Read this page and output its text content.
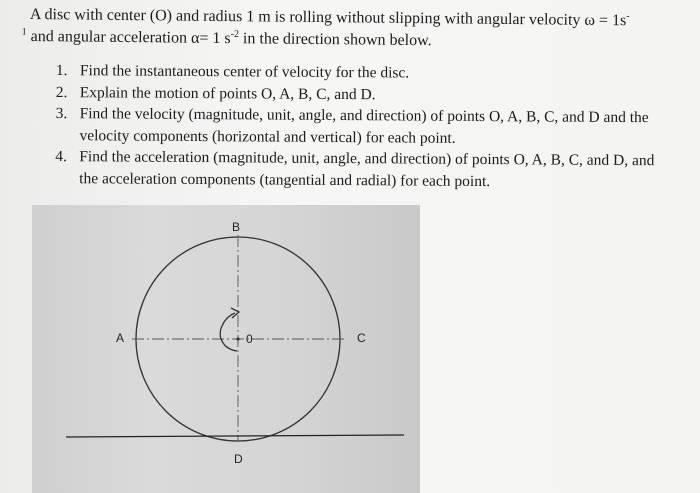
A disc with center (O) and radius 1 m is rolling without slipping with angular velocity ω = 1s-
$^1$ and angular acceleration α= 1 $s^{-2}$ in the direction shown below.
1. Find the instantaneous center of velocity for the disc.
2. Explain the motion of points O, A, B, C, and D.
3. Find the velocity (magnitude, unit, angle, and direction) of points O, A, B, C, and D and the velocity components (horizontal and vertical) for each point.
4. Find the acceleration (magnitude, unit, angle, and direction) of points O, A, B, C, and D, and the acceleration components (tangential and radial) for each point.
B
A	0	C
D
